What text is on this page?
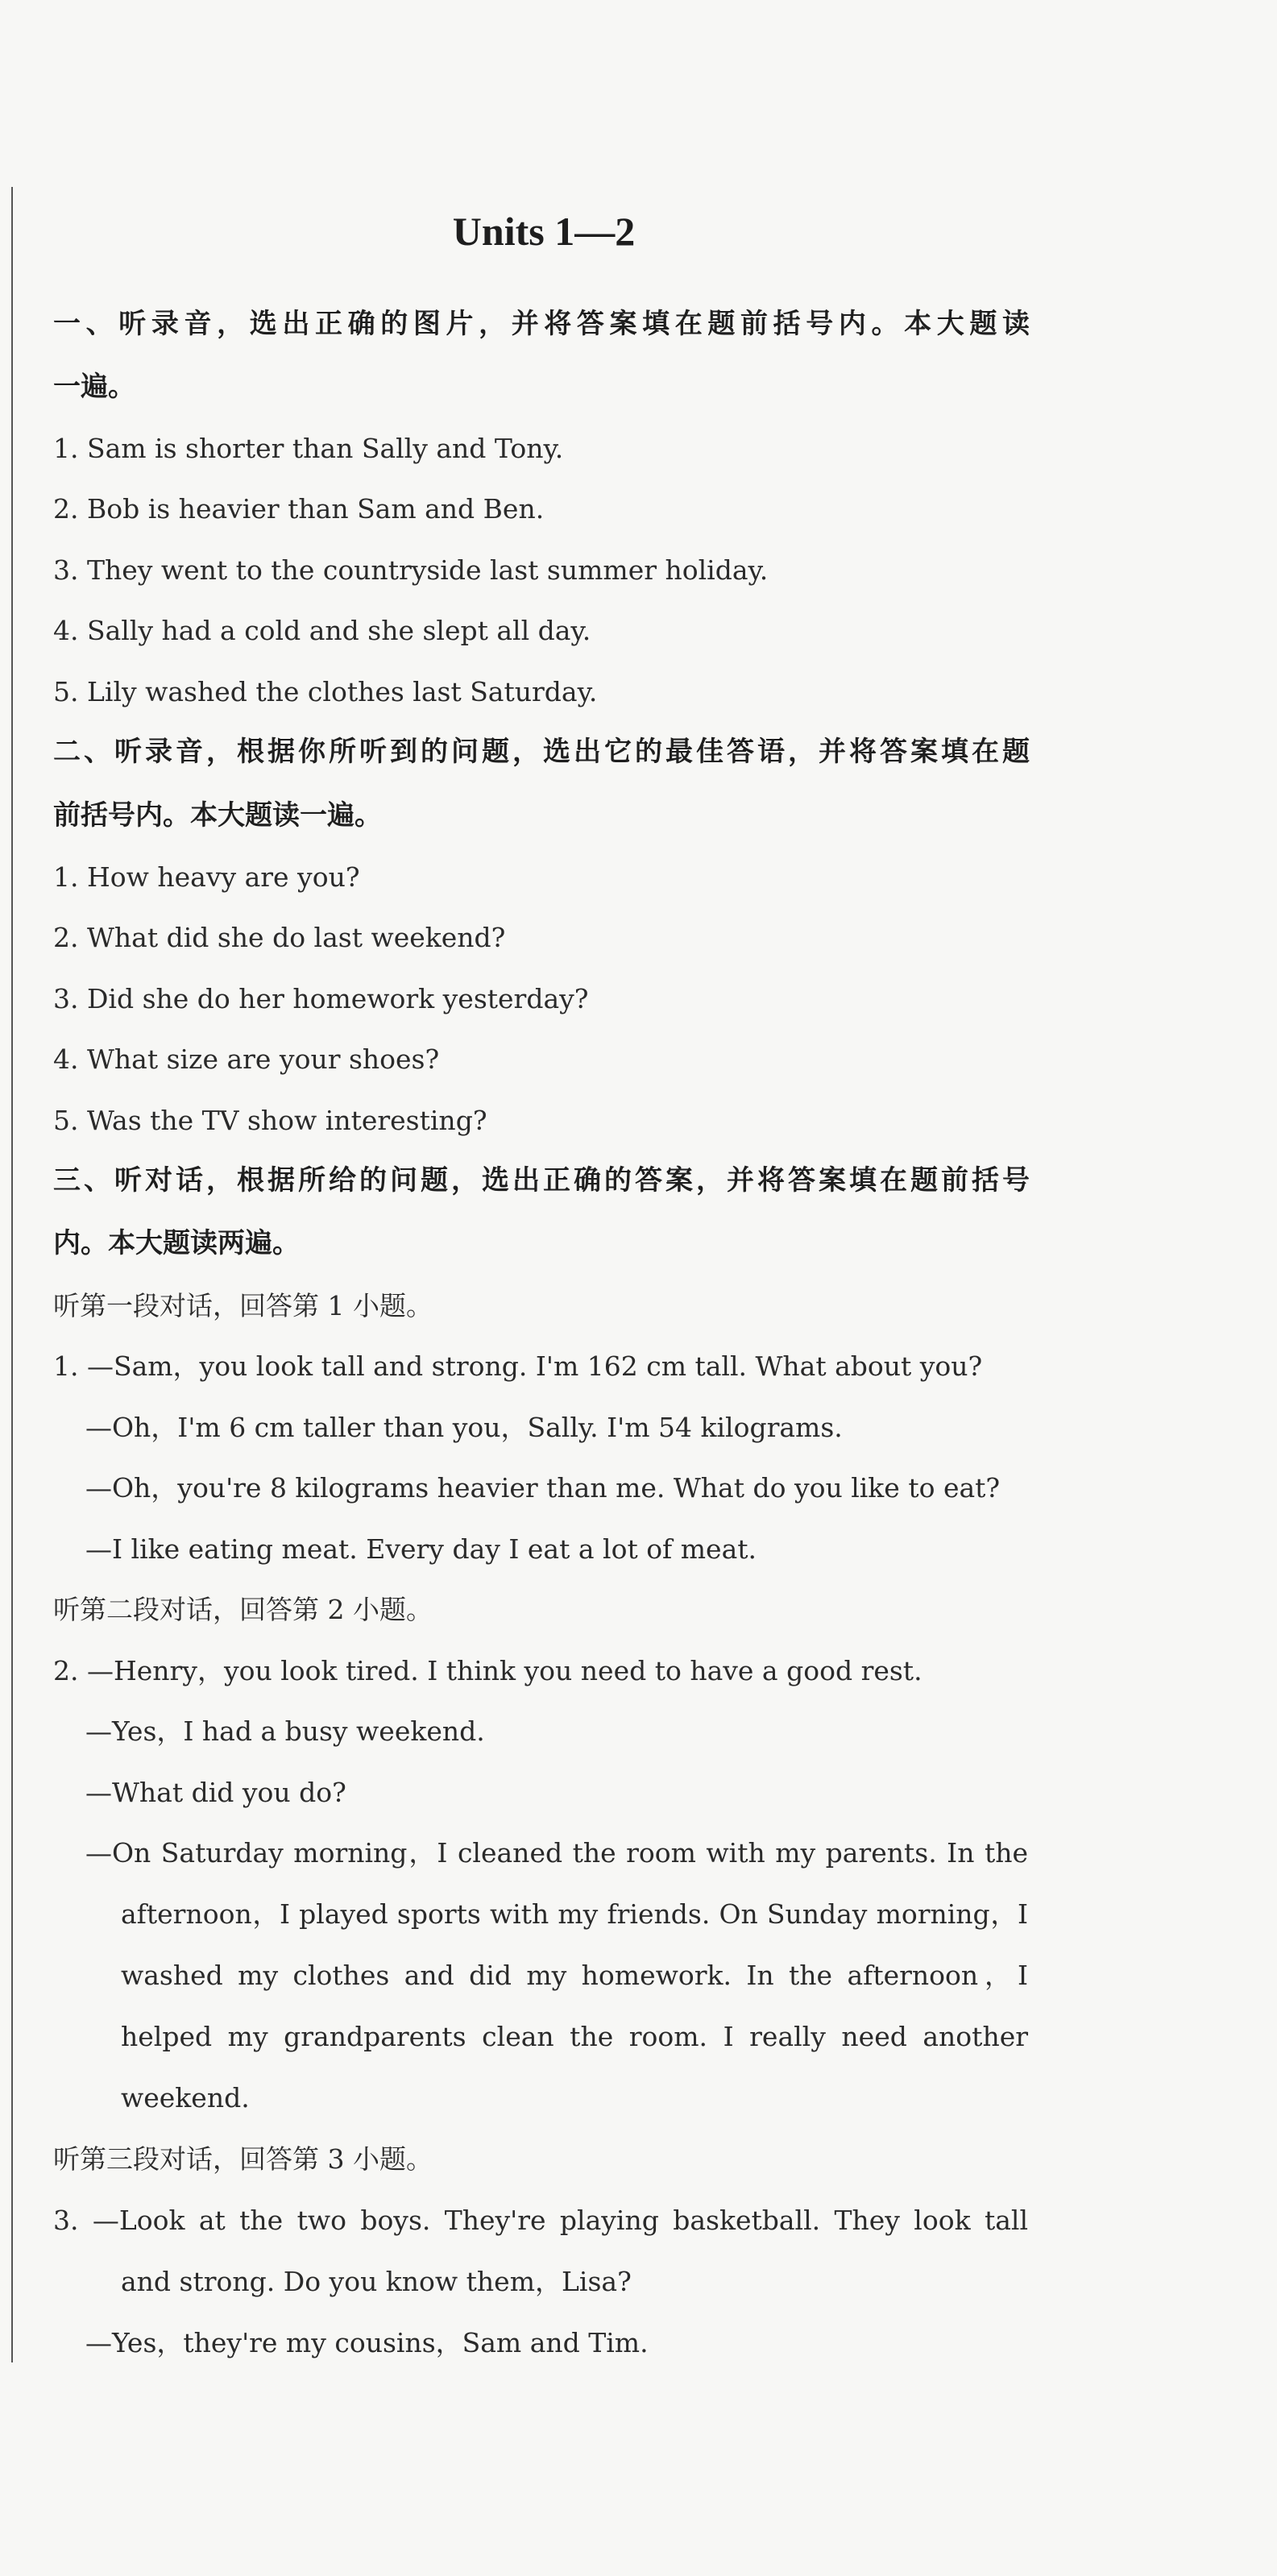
Units 1—2
一、听录音，选出正确的图片，并将答案填在题前括号内。本大题读
一遍。
1. Sam is shorter than Sally and Tony.
2. Bob is heavier than Sam and Ben.
3. They went to the countryside last summer holiday.
4. Sally had a cold and she slept all day.
5. Lily washed the clothes last Saturday.
二、听录音，根据你所听到的问题，选出它的最佳答语，并将答案填在题
前括号内。本大题读一遍。
1. How heavy are you?
2. What did she do last weekend?
3. Did she do her homework yesterday?
4. What size are your shoes?
5. Was the TV show interesting?
三、听对话，根据所给的问题，选出正确的答案，并将答案填在题前括号
内。本大题读两遍。
听第一段对话，回答第 1 小题。
1. —Sam，you look tall and strong. I'm 162 cm tall. What about you?
—Oh，I'm 6 cm taller than you，Sally. I'm 54 kilograms.
—Oh，you're 8 kilograms heavier than me. What do you like to eat?
—I like eating meat. Every day I eat a lot of meat.
听第二段对话，回答第 2 小题。
2. —Henry，you look tired. I think you need to have a good rest.
—Yes，I had a busy weekend.
—What did you do?
—On Saturday morning，I cleaned the room with my parents. In the
afternoon，I played sports with my friends. On Sunday morning，I
washed my clothes and did my homework. In the afternoon，I
helped my grandparents clean the room. I really need another
weekend.
听第三段对话，回答第 3 小题。
3. —Look at the two boys. They're playing basketball. They look tall
and strong. Do you know them，Lisa?
—Yes，they're my cousins，Sam and Tim.
